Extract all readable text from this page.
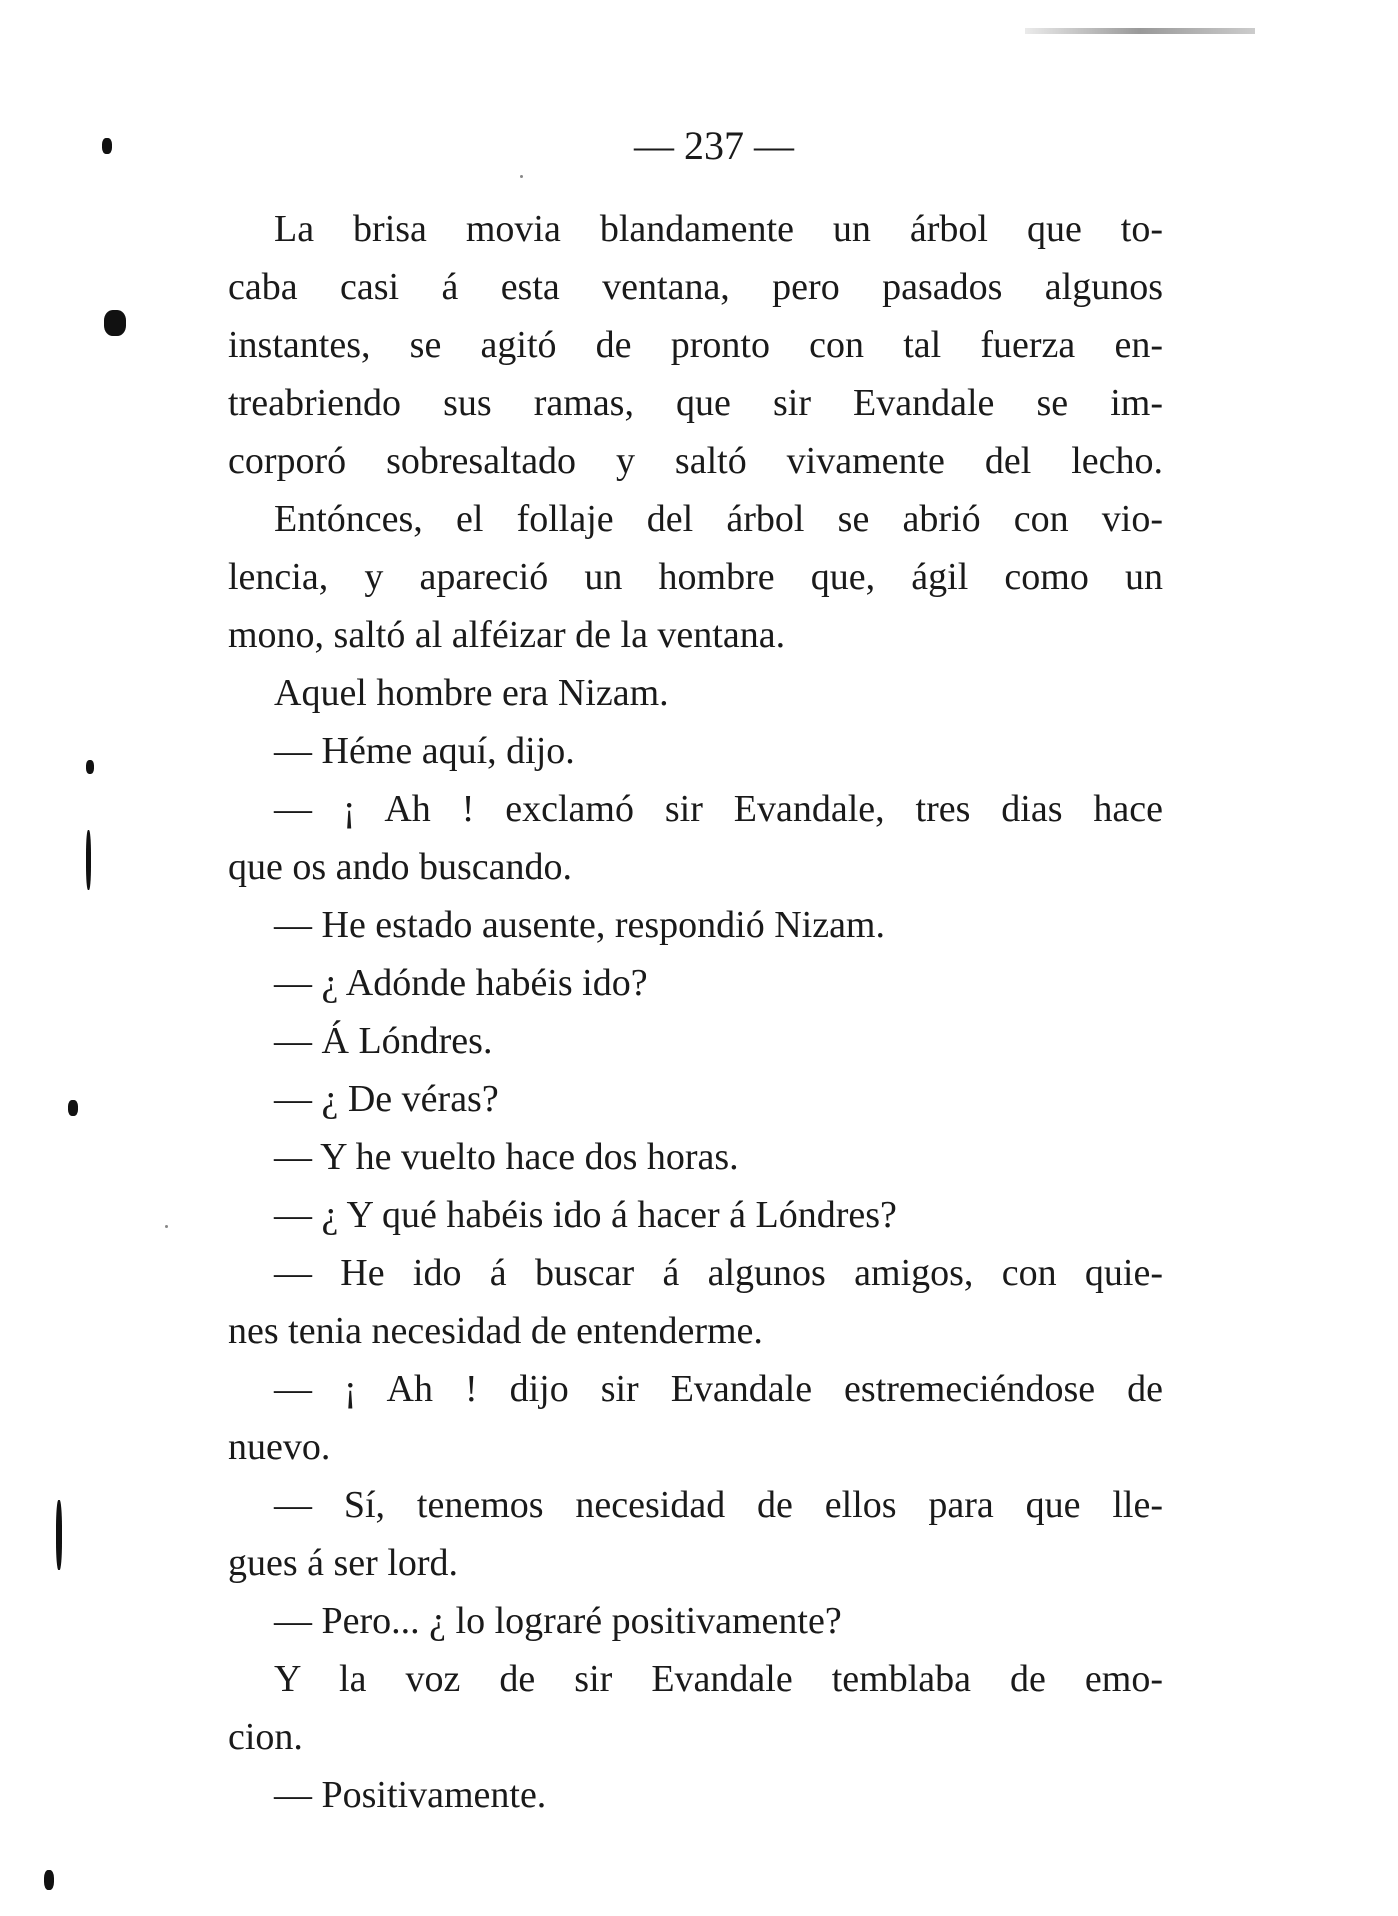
— 237 —
La brisa movia blandamente un árbol que to-
caba casi á esta ventana, pero pasados algunos
instantes, se agitó de pronto con tal fuerza en-
treabriendo sus ramas, que sir Evandale se im-
corporó sobresaltado y saltó vivamente del lecho.
Entónces, el follaje del árbol se abrió con vio-
lencia, y apareció un hombre que, ágil como un
mono, saltó al alféizar de la ventana.
Aquel hombre era Nizam.
— Héme aquí, dijo.
— ¡ Ah ! exclamó sir Evandale, tres dias hace
que os ando buscando.
— He estado ausente, respondió Nizam.
— ¿ Adónde habéis ido?
— Á Lóndres.
— ¿ De véras?
— Y he vuelto hace dos horas.
— ¿ Y qué habéis ido á hacer á Lóndres?
— He ido á buscar á algunos amigos, con quie-
nes tenia necesidad de entenderme.
— ¡ Ah ! dijo sir Evandale estremeciéndose de
nuevo.
— Sí, tenemos necesidad de ellos para que lle-
gues á ser lord.
— Pero... ¿ lo lograré positivamente?
Y la voz de sir Evandale temblaba de emo-
cion.
— Positivamente.
